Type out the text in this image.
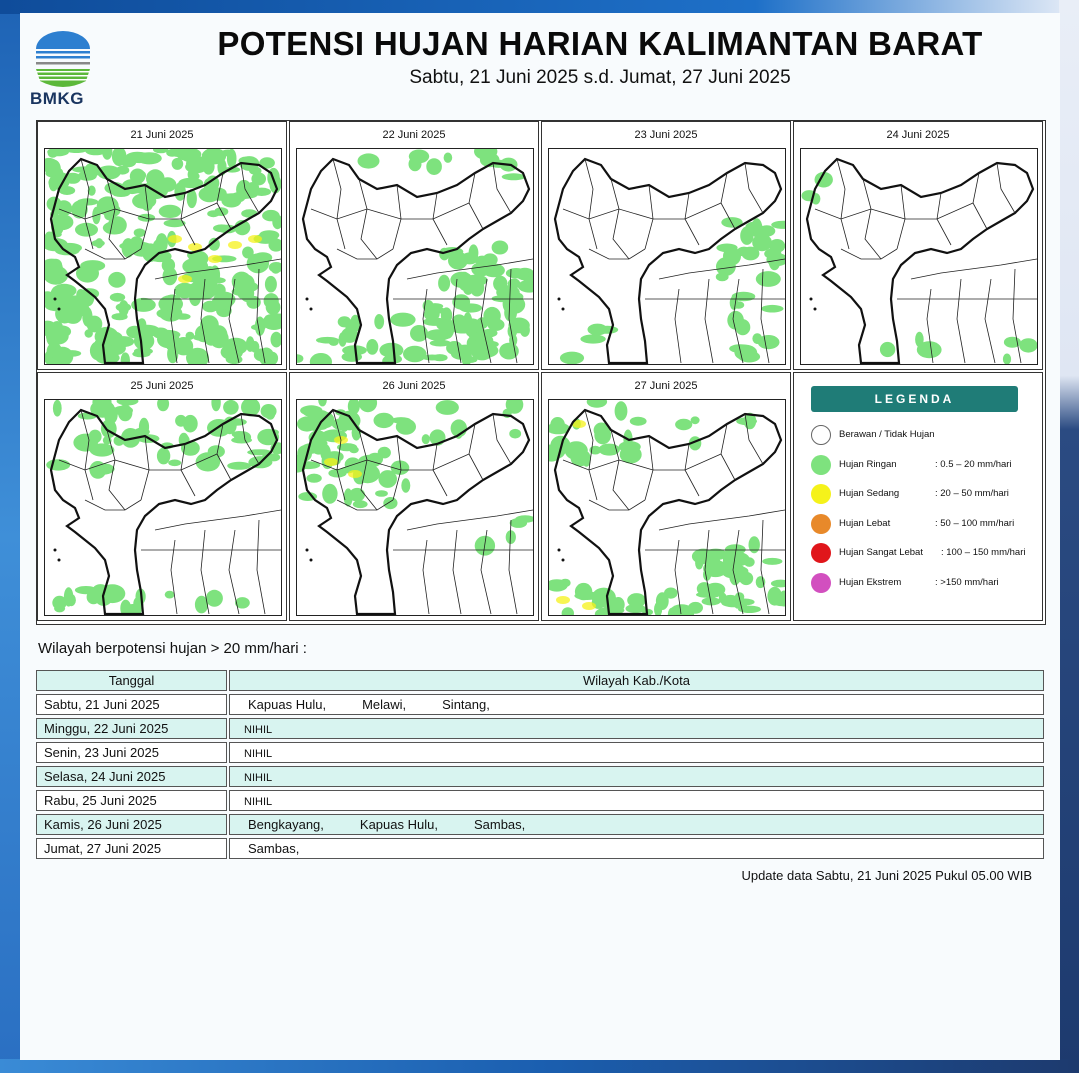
BMKG
POTENSI HUJAN HARIAN KALIMANTAN BARAT
Sabtu, 21 Juni 2025 s.d. Jumat, 27 Juni 2025
21 Juni 2025	22 Juni 2025	23 Juni 2025	24 Juni 2025
25 Juni 2025	26 Juni 2025	27 Juni 2025
LEGENDA
Berawan / Tidak Hujan
Hujan Ringan	: 0.5 – 20 mm/hari
Hujan Sedang	: 20 – 50 mm/hari
Hujan Lebat	: 50 – 100 mm/hari
Hujan Sangat Lebat : 100 – 150 mm/hari
Hujan Ekstrem	: >150 mm/hari
Wilayah berpotensi hujan > 20 mm/hari :
Tanggal	Wilayah Kab./Kota
Sabtu, 21 Juni 2025	Kapuas Hulu,	Melawi,	Sintang,
Minggu, 22 Juni 2025	NIHIL
Senin, 23 Juni 2025	NIHIL
Selasa, 24 Juni 2025	NIHIL
Rabu, 25 Juni 2025	NIHIL
Kamis, 26 Juni 2025	Bengkayang,	Kapuas Hulu,	Sambas,
Jumat, 27 Juni 2025	Sambas,
Update data Sabtu, 21 Juni 2025 Pukul 05.00 WIB
